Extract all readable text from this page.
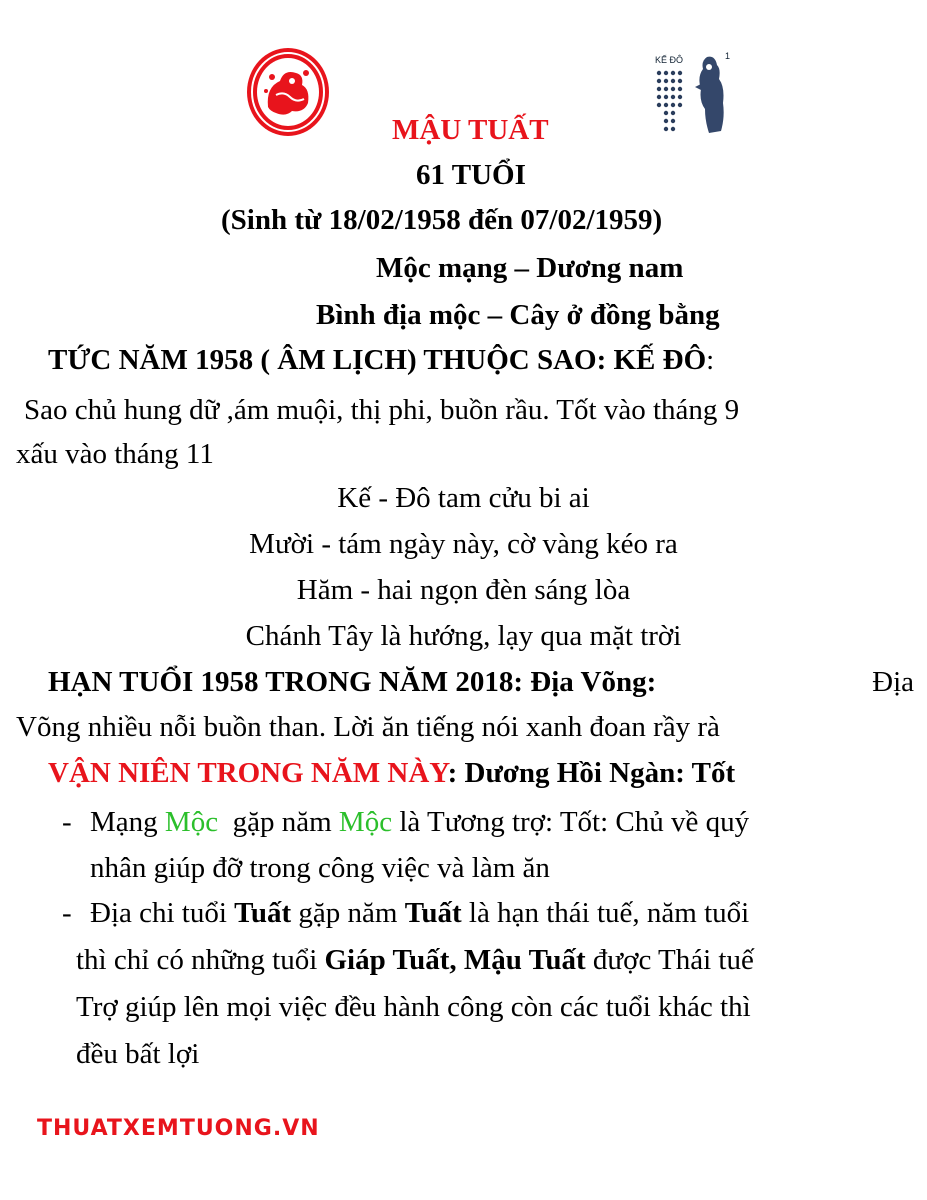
KẾ ĐÔ	1
MẬU TUẤT
61 TUỔI
(Sinh từ 18/02/1958 đến 07/02/1959)
Mộc mạng – Dương nam
Bình địa mộc – Cây ở đồng bằng
TỨC NĂM 1958 ( ÂM LỊCH) THUỘC SAO: KẾ ĐÔ:
Sao chủ hung dữ ,ám muội, thị phi, buồn rầu. Tốt vào tháng 9
xấu vào tháng 11
Kế - Đô tam cửu bi ai
Mười - tám ngày này, cờ vàng kéo ra
Hăm - hai ngọn đèn sáng lòa
Chánh Tây là hướng, lạy qua mặt trời
HẠN TUỔI 1958 TRONG NĂM 2018: Địa Võng:	Địa
Võng nhiều nỗi buồn than. Lời ăn tiếng nói xanh đoan rầy rà
VẬN NIÊN TRONG NĂM NÀY: Dương Hồi Ngàn: Tốt
- Mạng Mộc  gặp năm Mộc là Tương trợ: Tốt: Chủ về quý
nhân giúp đỡ trong công việc và làm ăn
- Địa chi tuổi Tuất gặp năm Tuất là hạn thái tuế, năm tuổi
thì chỉ có những tuổi Giáp Tuất, Mậu Tuất được Thái tuế
Trợ giúp lên mọi việc đều hành công còn các tuổi khác thì
đều bất lợi
THUATXEMTUONG.VN
